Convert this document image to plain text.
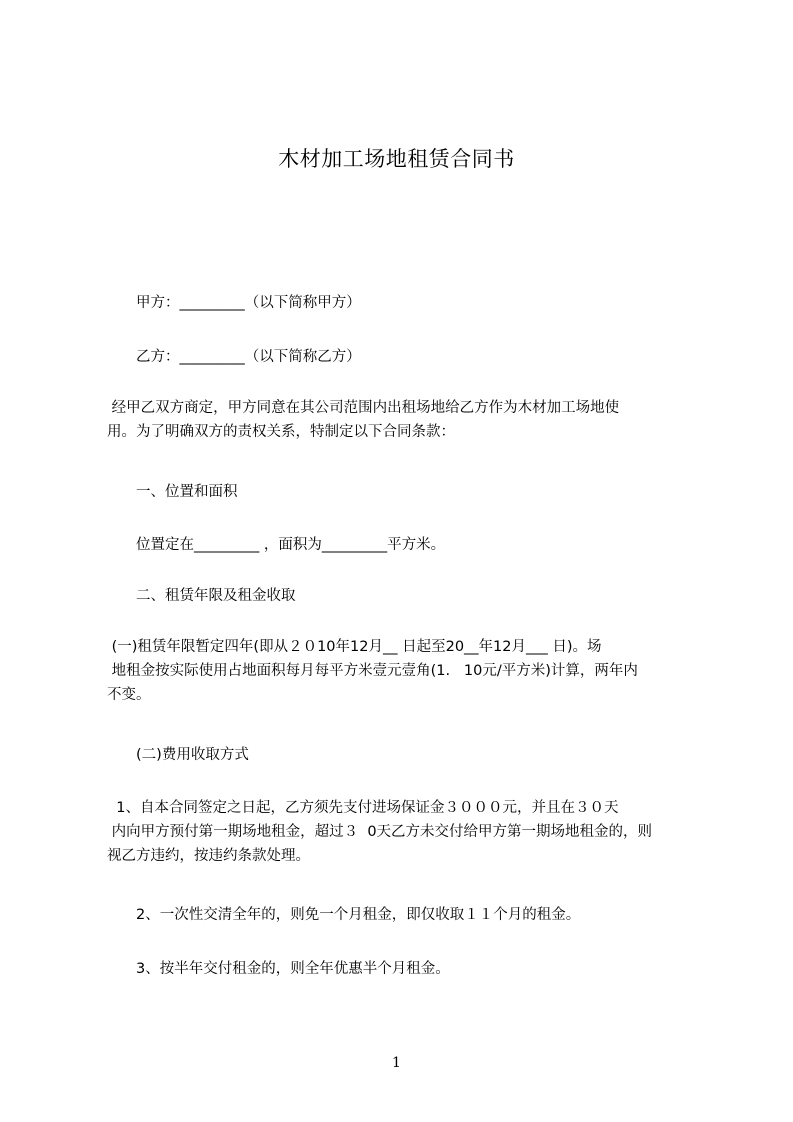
木材加工场地租赁合同书
甲方：_________（以下简称甲方）
乙方：_________（以下简称乙方）
经甲乙双方商定，甲方同意在其公司范围内出租场地给乙方作为木材加工场地使
用。为了明确双方的责权关系，特制定以下合同条款：
一、位置和面积
位置定在_________ ，面积为_________平方米。
二、租赁年限及租金收取
(一)租赁年限暂定四年(即从２０10年12月__ 日起至20__年12月___ 日)。场
地租金按实际使用占地面积每月每平方米壹元壹角(1.   10元/平方米)计算，两年内
不变。
(二)费用收取方式
1、自本合同签定之日起，乙方须先支付进场保证金３０００元，并且在３０天
内向甲方预付第一期场地租金，超过３  0天乙方未交付给甲方第一期场地租金的，则
视乙方违约，按违约条款处理。
2、一次性交清全年的，则免一个月租金，即仅收取１１个月的租金。
3、按半年交付租金的，则全年优惠半个月租金。
1
